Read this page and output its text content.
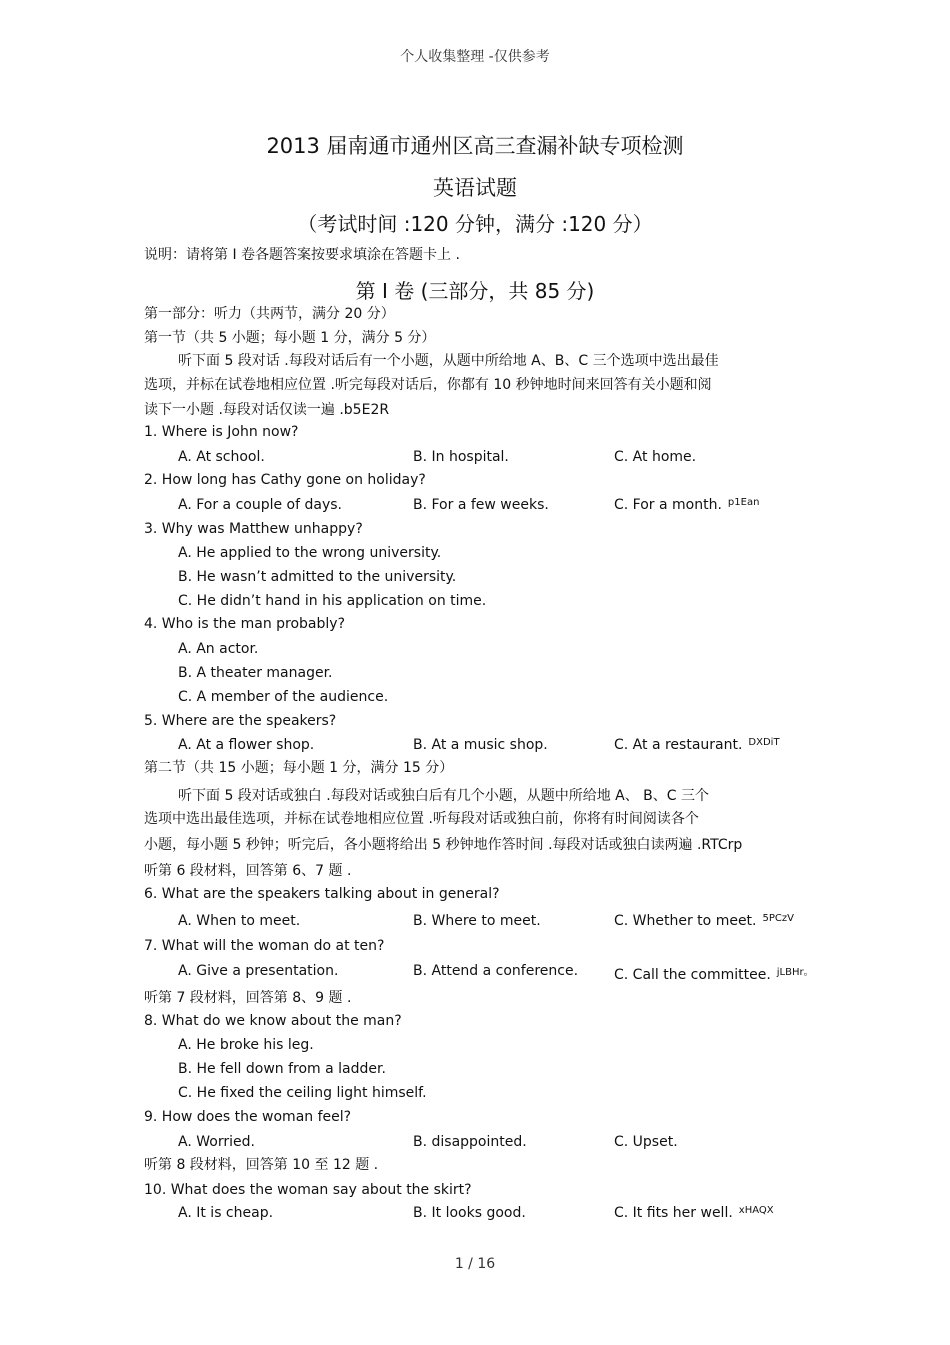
个人收集整理 -仅供参考
2013 届南通市通州区高三查漏补缺专项检测
英语试题
（考试时间 :120 分钟，满分 :120 分）
说明：请将第 I 卷各题答案按要求填涂在答题卡上 .
第 I 卷 (三部分，共 85 分)
第一部分：听力（共两节，满分 20 分）
第一节（共 5 小题；每小题 1 分，满分 5 分）
听下面 5 段对话 .每段对话后有一个小题，从题中所给地 A、B、C 三个选项中选出最佳
选项，并标在试卷地相应位置 .听完每段对话后，你都有 10 秒钟地时间来回答有关小题和阅
读下一小题 .每段对话仅读一遍 .b5E2R
1. Where is John now?
A. At school.	B. In hospital.	C. At home.
2. How long has Cathy gone on holiday?
A. For a couple of days.	B. For a few weeks.	C. For a month. $^{p1Ean}$
3. Why was Matthew unhappy?
A. He applied to the wrong university.
B. He wasn’t admitted to the university.
C. He didn’t hand in his application on time.
4. Who is the man probably?
A. An actor.
B. A theater manager.
C. A member of the audience.
5. Where are the speakers?
A. At a flower shop.	B. At a music shop.	C. At a restaurant. $^{DXDiT}$
第二节（共 15 小题；每小题 1 分，满分 15 分）
听下面 5 段对话或独白 .每段对话或独白后有几个小题，从题中所给地 A、 B、C 三个
选项中选出最佳选项，并标在试卷地相应位置 .听每段对话或独白前，你将有时间阅读各个
小题，每小题 5 秒钟；听完后，各小题将给出 5 秒钟地作答时间 .每段对话或独白读两遍 .RTCrp
听第 6 段材料，回答第 6、7 题 .
6. What are the speakers talking about in general?
A. When to meet.	B. Where to meet.	C. Whether to meet. $^{5PCzV}$
7. What will the woman do at ten?
A. Give a presentation.	B. Attend a conference.	C. Call the committee. $^{jLBHr。}$
听第 7 段材料，回答第 8、9 题 .
8. What do we know about the man?
A. He broke his leg.
B. He fell down from a ladder.
C. He fixed the ceiling light himself.
9. How does the woman feel?
A. Worried.	B. disappointed.	C. Upset.
听第 8 段材料，回答第 10 至 12 题 .
10. What does the woman say about the skirt?
A. It is cheap.	B. It looks good.	C. It fits her well. $^{xHAQX}$
1 / 16
